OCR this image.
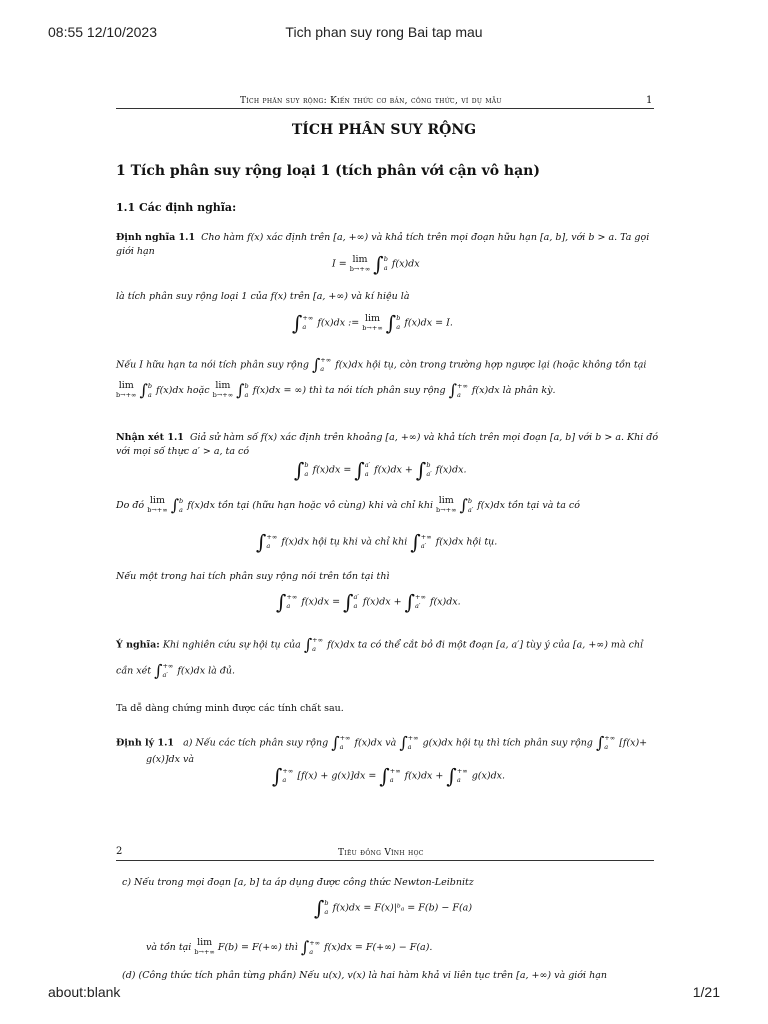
08:55 12/10/2023	Tich phan suy rong Bai tap mau
Tích phân suy rộng: Kiến thức cơ bản, công thức, ví dụ mẫu	1
TÍCH PHÂN SUY RỘNG
1 Tích phân suy rộng loại 1 (tích phân với cận vô hạn)
1.1 Các định nghĩa:
Định nghĩa 1.1 Cho hàm f(x) xác định trên [a, +∞) và khả tích trên mọi đoạn hữu hạn [a, b], với b > a. Ta gọi
giới hạn
I = lim
b→+∞ ∫ b
a f(x)dx
là tích phân suy rộng loại 1 của f(x) trên [a, +∞) và kí hiệu là
∫ +∞
a	f(x)dx := lim
b→+∞ ∫ b
a f(x)dx = I.
Nếu I hữu hạn ta nói tích phân suy rộng ∫ +∞
a	f(x)dx hội tụ, còn trong trường hợp ngược lại (hoặc không tồn tại
lim
b→+∞ ∫ b
a f(x)dx hoặc lim
b→+∞ ∫ b
a f(x)dx = ∞) thì ta nói tích phân suy rộng ∫ +∞
a	f(x)dx là phân kỳ.
Nhận xét 1.1 Giả sử hàm số f(x) xác định trên khoảng [a, +∞) và khả tích trên mọi đoạn [a, b] với b > a. Khi đó
với mọi số thực a′ > a, ta có
∫ b
a f(x)dx = ∫ a′
a f(x)dx + ∫ b
a′ f(x)dx.
Do đó lim
b→+∞ ∫ b
a f(x)dx tồn tại (hữu hạn hoặc vô cùng) khi và chỉ khi lim
b→+∞ ∫ b
a′ f(x)dx tồn tại và ta có
∫ +∞
a	f(x)dx hội tụ khi và chỉ khi ∫ +∞
a′	f(x)dx hội tụ.
Nếu một trong hai tích phân suy rộng nói trên tồn tại thì
∫ +∞
a	f(x)dx = ∫ a′
a f(x)dx + ∫ +∞
a′	f(x)dx.
Ý nghĩa: Khi nghiên cứu sự hội tụ của ∫ +∞
a	f(x)dx ta có thể cắt bỏ đi một đoạn [a, a′] tùy ý của [a, +∞) mà chỉ
cần xét ∫ +∞
a′	f(x)dx là đủ.
Ta dễ dàng chứng minh được các tính chất sau.
Định lý 1.1 a) Nếu các tích phân suy rộng ∫ +∞
a	f(x)dx và ∫ +∞
a	g(x)dx hội tụ thì tích phân suy rộng ∫ +∞
a	[f(x)+
g(x)]dx và
∫ +∞
a	[f(x) + g(x)]dx = ∫ +∞
a	f(x)dx + ∫ +∞
a	g(x)dx.
2	Tiêu đồng Vĩnh học
c) Nếu trong mọi đoạn [a, b] ta áp dụng được công thức Newton-Leibnitz
∫ b
a f(x)dx = F(x)|ᵇₐ = F(b) − F(a)
và tồn tại lim
b→+∞ F(b) = F(+∞) thì ∫ +∞
a	f(x)dx = F(+∞) − F(a).
(d) (Công thức tích phân từng phần) Nếu u(x), v(x) là hai hàm khả vi liên tục trên [a, +∞) và giới hạn
about:blank	1/21
